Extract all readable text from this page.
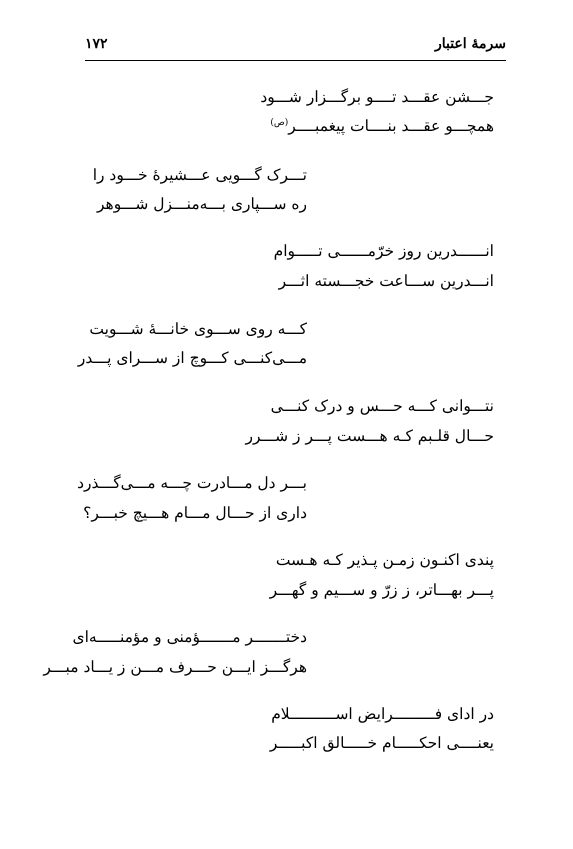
سرمهٔ اعتبار
۱۷۲
جـــشن عقـــد تــــو برگـــزار شـــود
همچـــو عقـــد بنــــات پیغمبــــر$^{(ص)}$
تـــرک گـــویی عـــشیرهٔ خـــود را
ره ســـپاری بـــه‌منـــزل شـــوهر
انــــــدرین روز خرّمــــــی تـــــوام
انـــدرین ســـاعت خجـــسته اثـــر
کـــه روی ســـوی خانـــهٔ شـــویت
مـــی‌کنـــی کـــوچ از ســـرای پـــدر
نتـــوانی کـــه حـــس و درک کنـــی
حـــال قلـبم کـه هـــست پـــر ز شـــرر
بـــر دل مـــادرت چـــه مـــی‌گـــذرد
داری از حـــال مـــام هـــیچ خبـــر؟
پندی اکنـون زمـن پـذیر کـه هـست
پـــر بهـــاتر، ز زرّ و ســـیم و گهـــر
دختـــــــر مـــــــؤمنی و مؤمنـــــه‌ای
هرگـــز ایـــن حـــرف مـــن ز یـــاد مبـــر
در ادای فـــــــــرایض اســــــــــلام
یعنــــی احکـــــام خـــــالق اکبـــــر
